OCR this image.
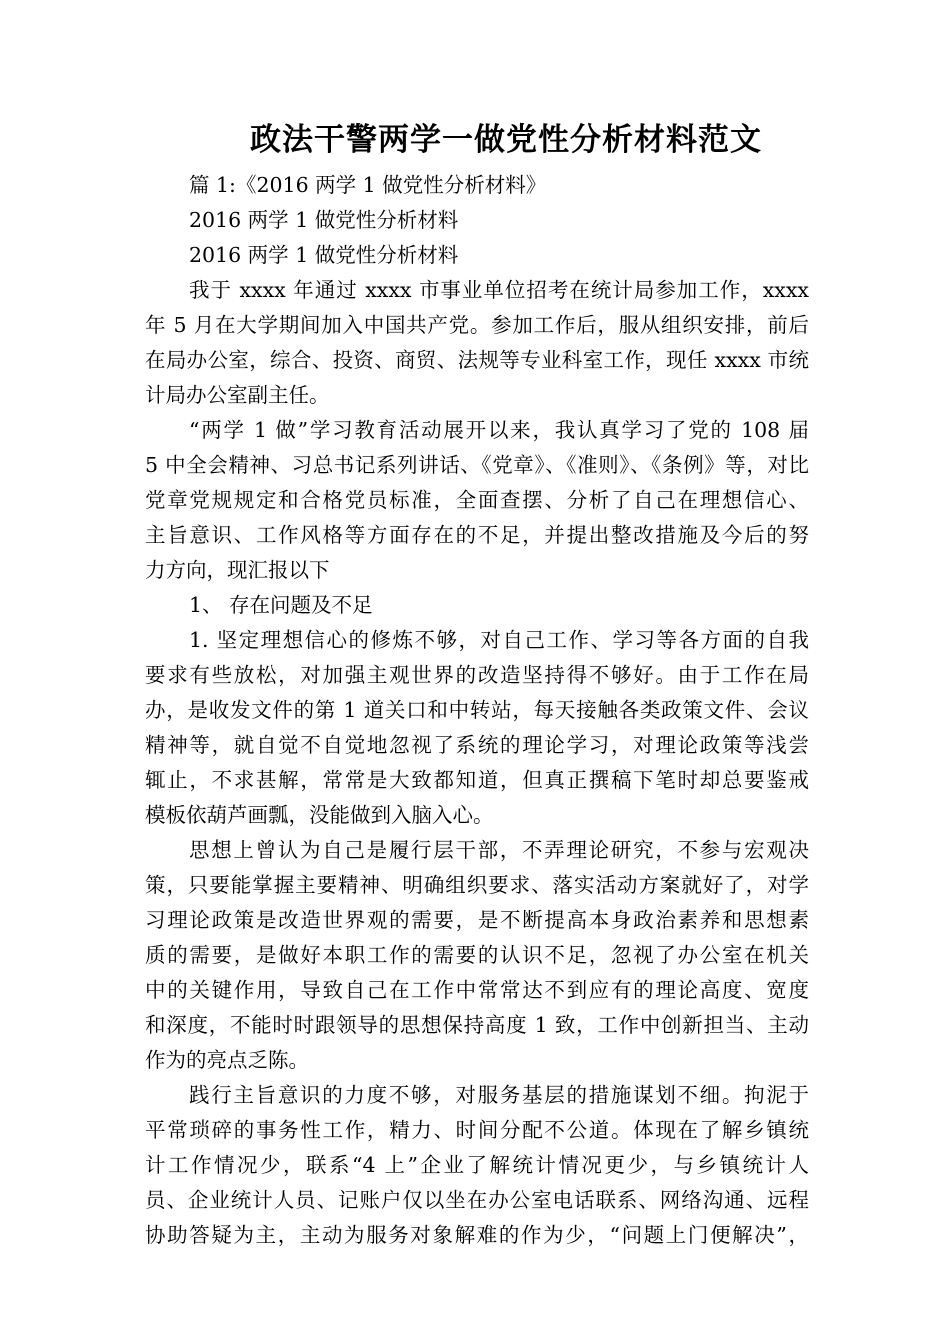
政法干警两学一做党性分析材料范文
篇 1:《2016 两学 1 做党性分析材料》
2016 两学 1 做党性分析材料
2016 两学 1 做党性分析材料
我于 xxxx 年通过 xxxx 市事业单位招考在统计局参加工作，xxxx
年 5 月在大学期间加入中国共产党。参加工作后，服从组织安排，前后
在局办公室，综合、投资、商贸、法规等专业科室工作，现任 xxxx 市统
计局办公室副主任。
“两学 1 做”学习教育活动展开以来，我认真学习了党的 108 届
5 中全会精神、习总书记系列讲话、《党章》、《准则》、《条例》等，对比
党章党规规定和合格党员标准，全面查摆、分析了自己在理想信心、
主旨意识、工作风格等方面存在的不足，并提出整改措施及今后的努
力方向，现汇报以下
1、 存在问题及不足
1. 坚定理想信心的修炼不够，对自己工作、学习等各方面的自我
要求有些放松，对加强主观世界的改造坚持得不够好。由于工作在局
办，是收发文件的第 1 道关口和中转站，每天接触各类政策文件、会议
精神等，就自觉不自觉地忽视了系统的理论学习，对理论政策等浅尝
辄止，不求甚解，常常是大致都知道，但真正撰稿下笔时却总要鉴戒
模板依葫芦画瓢，没能做到入脑入心。
思想上曾认为自己是履行层干部，不弄理论研究，不参与宏观决
策，只要能掌握主要精神、明确组织要求、落实活动方案就好了，对学
习理论政策是改造世界观的需要，是不断提高本身政治素养和思想素
质的需要，是做好本职工作的需要的认识不足，忽视了办公室在机关
中的关键作用，导致自己在工作中常常达不到应有的理论高度、宽度
和深度，不能时时跟领导的思想保持高度 1 致，工作中创新担当、主动
作为的亮点乏陈。
践行主旨意识的力度不够，对服务基层的措施谋划不细。拘泥于
平常琐碎的事务性工作，精力、时间分配不公道。体现在了解乡镇统
计工作情况少，联系“4 上”企业了解统计情况更少，与乡镇统计人
员、企业统计人员、记账户仅以坐在办公室电话联系、网络沟通、远程
协助答疑为主，主动为服务对象解难的作为少，“问题上门便解决”，
